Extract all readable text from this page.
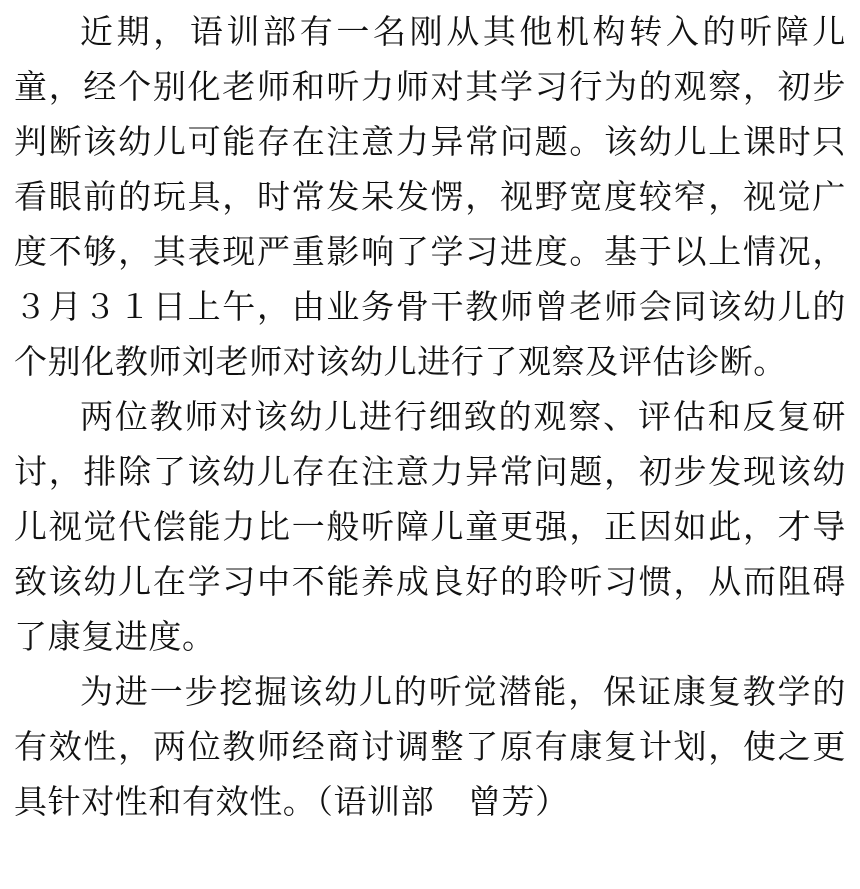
近期，语训部有一名刚从其他机构转入的听障儿童，经个别化老师和听力师对其学习行为的观察，初步判断该幼儿可能存在注意力异常问题。该幼儿上课时只看眼前的玩具，时常发呆发愣，视野宽度较窄，视觉广度不够，其表现严重影响了学习进度。基于以上情况，３月３１日上午，由业务骨干教师曾老师会同该幼儿的个别化教师刘老师对该幼儿进行了观察及评估诊断。

两位教师对该幼儿进行细致的观察、评估和反复研讨，排除了该幼儿存在注意力异常问题，初步发现该幼儿视觉代偿能力比一般听障儿童更强，正因如此，才导致该幼儿在学习中不能养成良好的聆听习惯，从而阻碍了康复进度。

为进一步挖掘该幼儿的听觉潜能，保证康复教学的有效性，两位教师经商讨调整了原有康复计划，使之更具针对性和有效性。（语训部　曾芳）
